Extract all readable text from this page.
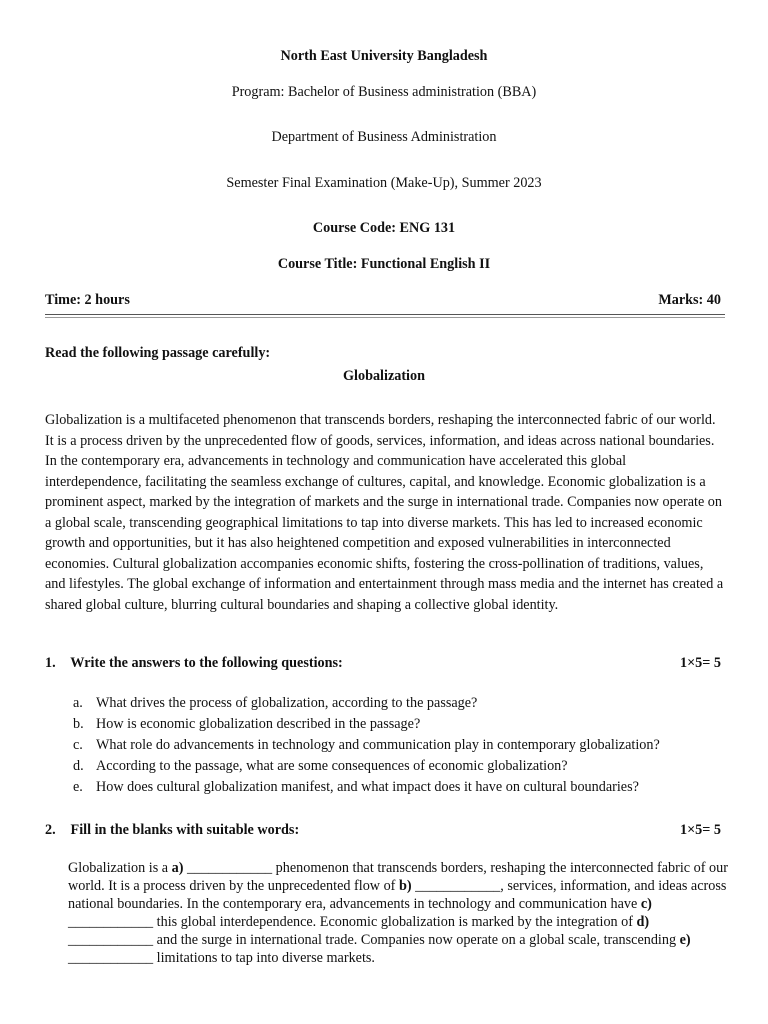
North East University Bangladesh
Program: Bachelor of Business administration (BBA)
Department of Business Administration
Semester Final Examination (Make-Up), Summer 2023
Course Code: ENG 131
Course Title: Functional English II
Time: 2 hours	Marks: 40
Read the following passage carefully:
Globalization
Globalization is a multifaceted phenomenon that transcends borders, reshaping the interconnected fabric of our world. It is a process driven by the unprecedented flow of goods, services, information, and ideas across national boundaries. In the contemporary era, advancements in technology and communication have accelerated this global interdependence, facilitating the seamless exchange of cultures, capital, and knowledge. Economic globalization is a prominent aspect, marked by the integration of markets and the surge in international trade. Companies now operate on a global scale, transcending geographical limitations to tap into diverse markets. This has led to increased economic growth and opportunities, but it has also heightened competition and exposed vulnerabilities in interconnected economies. Cultural globalization accompanies economic shifts, fostering the cross-pollination of traditions, values, and lifestyles. The global exchange of information and entertainment through mass media and the internet has created a shared global culture, blurring cultural boundaries and shaping a collective global identity.
1. Write the answers to the following questions:	1×5= 5
a. What drives the process of globalization, according to the passage?
b. How is economic globalization described in the passage?
c. What role do advancements in technology and communication play in contemporary globalization?
d. According to the passage, what are some consequences of economic globalization?
e. How does cultural globalization manifest, and what impact does it have on cultural boundaries?
2. Fill in the blanks with suitable words:	1×5= 5
Globalization is a a) ____________ phenomenon that transcends borders, reshaping the interconnected fabric of our world. It is a process driven by the unprecedented flow of b) ____________, services, information, and ideas across national boundaries. In the contemporary era, advancements in technology and communication have c) ____________ this global interdependence. Economic globalization is marked by the integration of d) ____________ and the surge in international trade. Companies now operate on a global scale, transcending e) ____________ limitations to tap into diverse markets.
